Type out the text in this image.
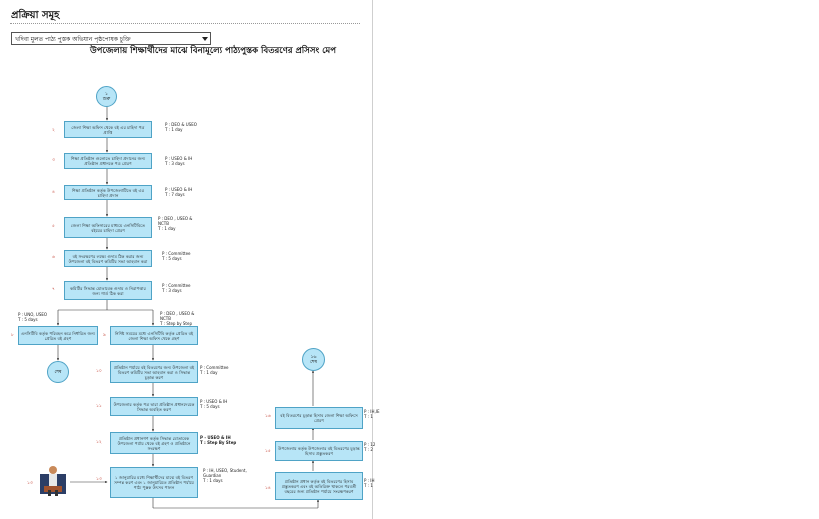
প্রক্রিয়া সমূহ
খদিবা মুলত পাঠ্য পুস্তক অভিযান পৃষ্ঠপোষক চুক্তি
উপজেলায় শিক্ষার্থীদের মাঝে বিনামূল্যে পাঠ্যপুস্তক বিতরণের প্রসিসং মেপ
১
শুরু
২
জেলা শিক্ষা অফিস থেকে বই এর চাহিদা পত্র প্রাপ্তি
P : DEO & USEO
T : 1 day
৩	শিক্ষা প্রতিষ্ঠান গুলোতে চাহিদা প্রদানের জন্য প্রতিষ্ঠান প্রধানকে পত্র প্রেরণ
P : USEO & IH
T : 3 days
৪	শিক্ষা প্রতিষ্ঠান কর্তৃক উপজেলাটিতে বই এর চাহিদা প্রদান
P : USEO & IH
T : 7 days
৫	জেলা শিক্ষা অফিসারের মাধ্যমে এনসিটিবিতে বইয়ের চাহিদা প্রেরণ
P : DEO , USEO &
NCTB
T : 1 day
৬	বই সংরক্ষণের লক্ষ্যে গুদাম ঠিক করার জন্য উপজেলা বই বিতরণ কমিটির সভা আহবান করা
P : Committee
T : 5 days
৭	কমিটির সিদ্ধান্ত মোতাবেক গুদাম ও নিরাপত্তার জন্য গার্ড ঠিক করা
P : Committee
T : 3 days
৮	এনসিটিবি কর্তৃক পরিবহন করে নির্ধারিত জন্য প্রেরিত বই গ্রহণ
P : UNO, USEO
T : 5 days
৯	নির্দিষ্ট সময়ের মধ্যে এনসিটিবি কর্তৃক প্রেরিত বই জেলা শিক্ষা অফিস থেকে গ্রহণ
P : DEO , USEO &
NCTB
T : Step by Step
শেষ	১০
প্রতিষ্ঠান পর্যায়ে বই বিতরণের জন্য উপজেলা বই বিতরণ কমিটির সভা আহবান করা ও সিদ্ধান্ত চূড়ান্ত করণ
P : Committee
T : 1 day
১১	উপজেলার কর্তৃক পত্র দ্বারা প্রতিষ্ঠান প্রধানদেরকে সিদ্ধান্ত অবহিত করণ
P : USEO & IH
T : 5 days
১২
প্রতিষ্ঠান প্রধানগণ কর্তৃক সিদ্ধান্ত মোতাবেক উপজেলা পর্যায় থেকে বই গ্রহণ ও প্রতিষ্ঠানে সংরক্ষণ
P - USEO & IH
T : Step By Step
১৩	১ জানুয়ারির মধ্যে শিক্ষার্থীদের মাঝে বই বিতরণ সম্পন্ন করণ এবং ১ জানুয়ারিতে প্রতিষ্ঠান পর্যায়ে পাঠ্য পুস্তক উৎসব পালন
P : IH, USEO, Student,
Guardian
T : 1 days
১৩
১৪
প্রতিষ্ঠান প্রধান কর্তৃক বই বিতরণের হিসাব প্রস্তুতকরণ এবং বই অতিরিক্ত থাকলে পরবর্তী বছরের জন্য প্রতিষ্ঠান পর্যায়ে সংরক্ষণকরণ
P : IH
T : 1
১৫
উপজেলায় কর্তৃক উপজেলার বই বিতরণের চূড়ান্ত হিসাব প্রস্তুতকরণ
P : 12
T : 2
১৬	বই বিতরণের চূড়ান্ত হিসাব জেলা শিক্ষা অফিসে প্রেরণ
P : IH,IE
T : 1
১৬
শেষ
